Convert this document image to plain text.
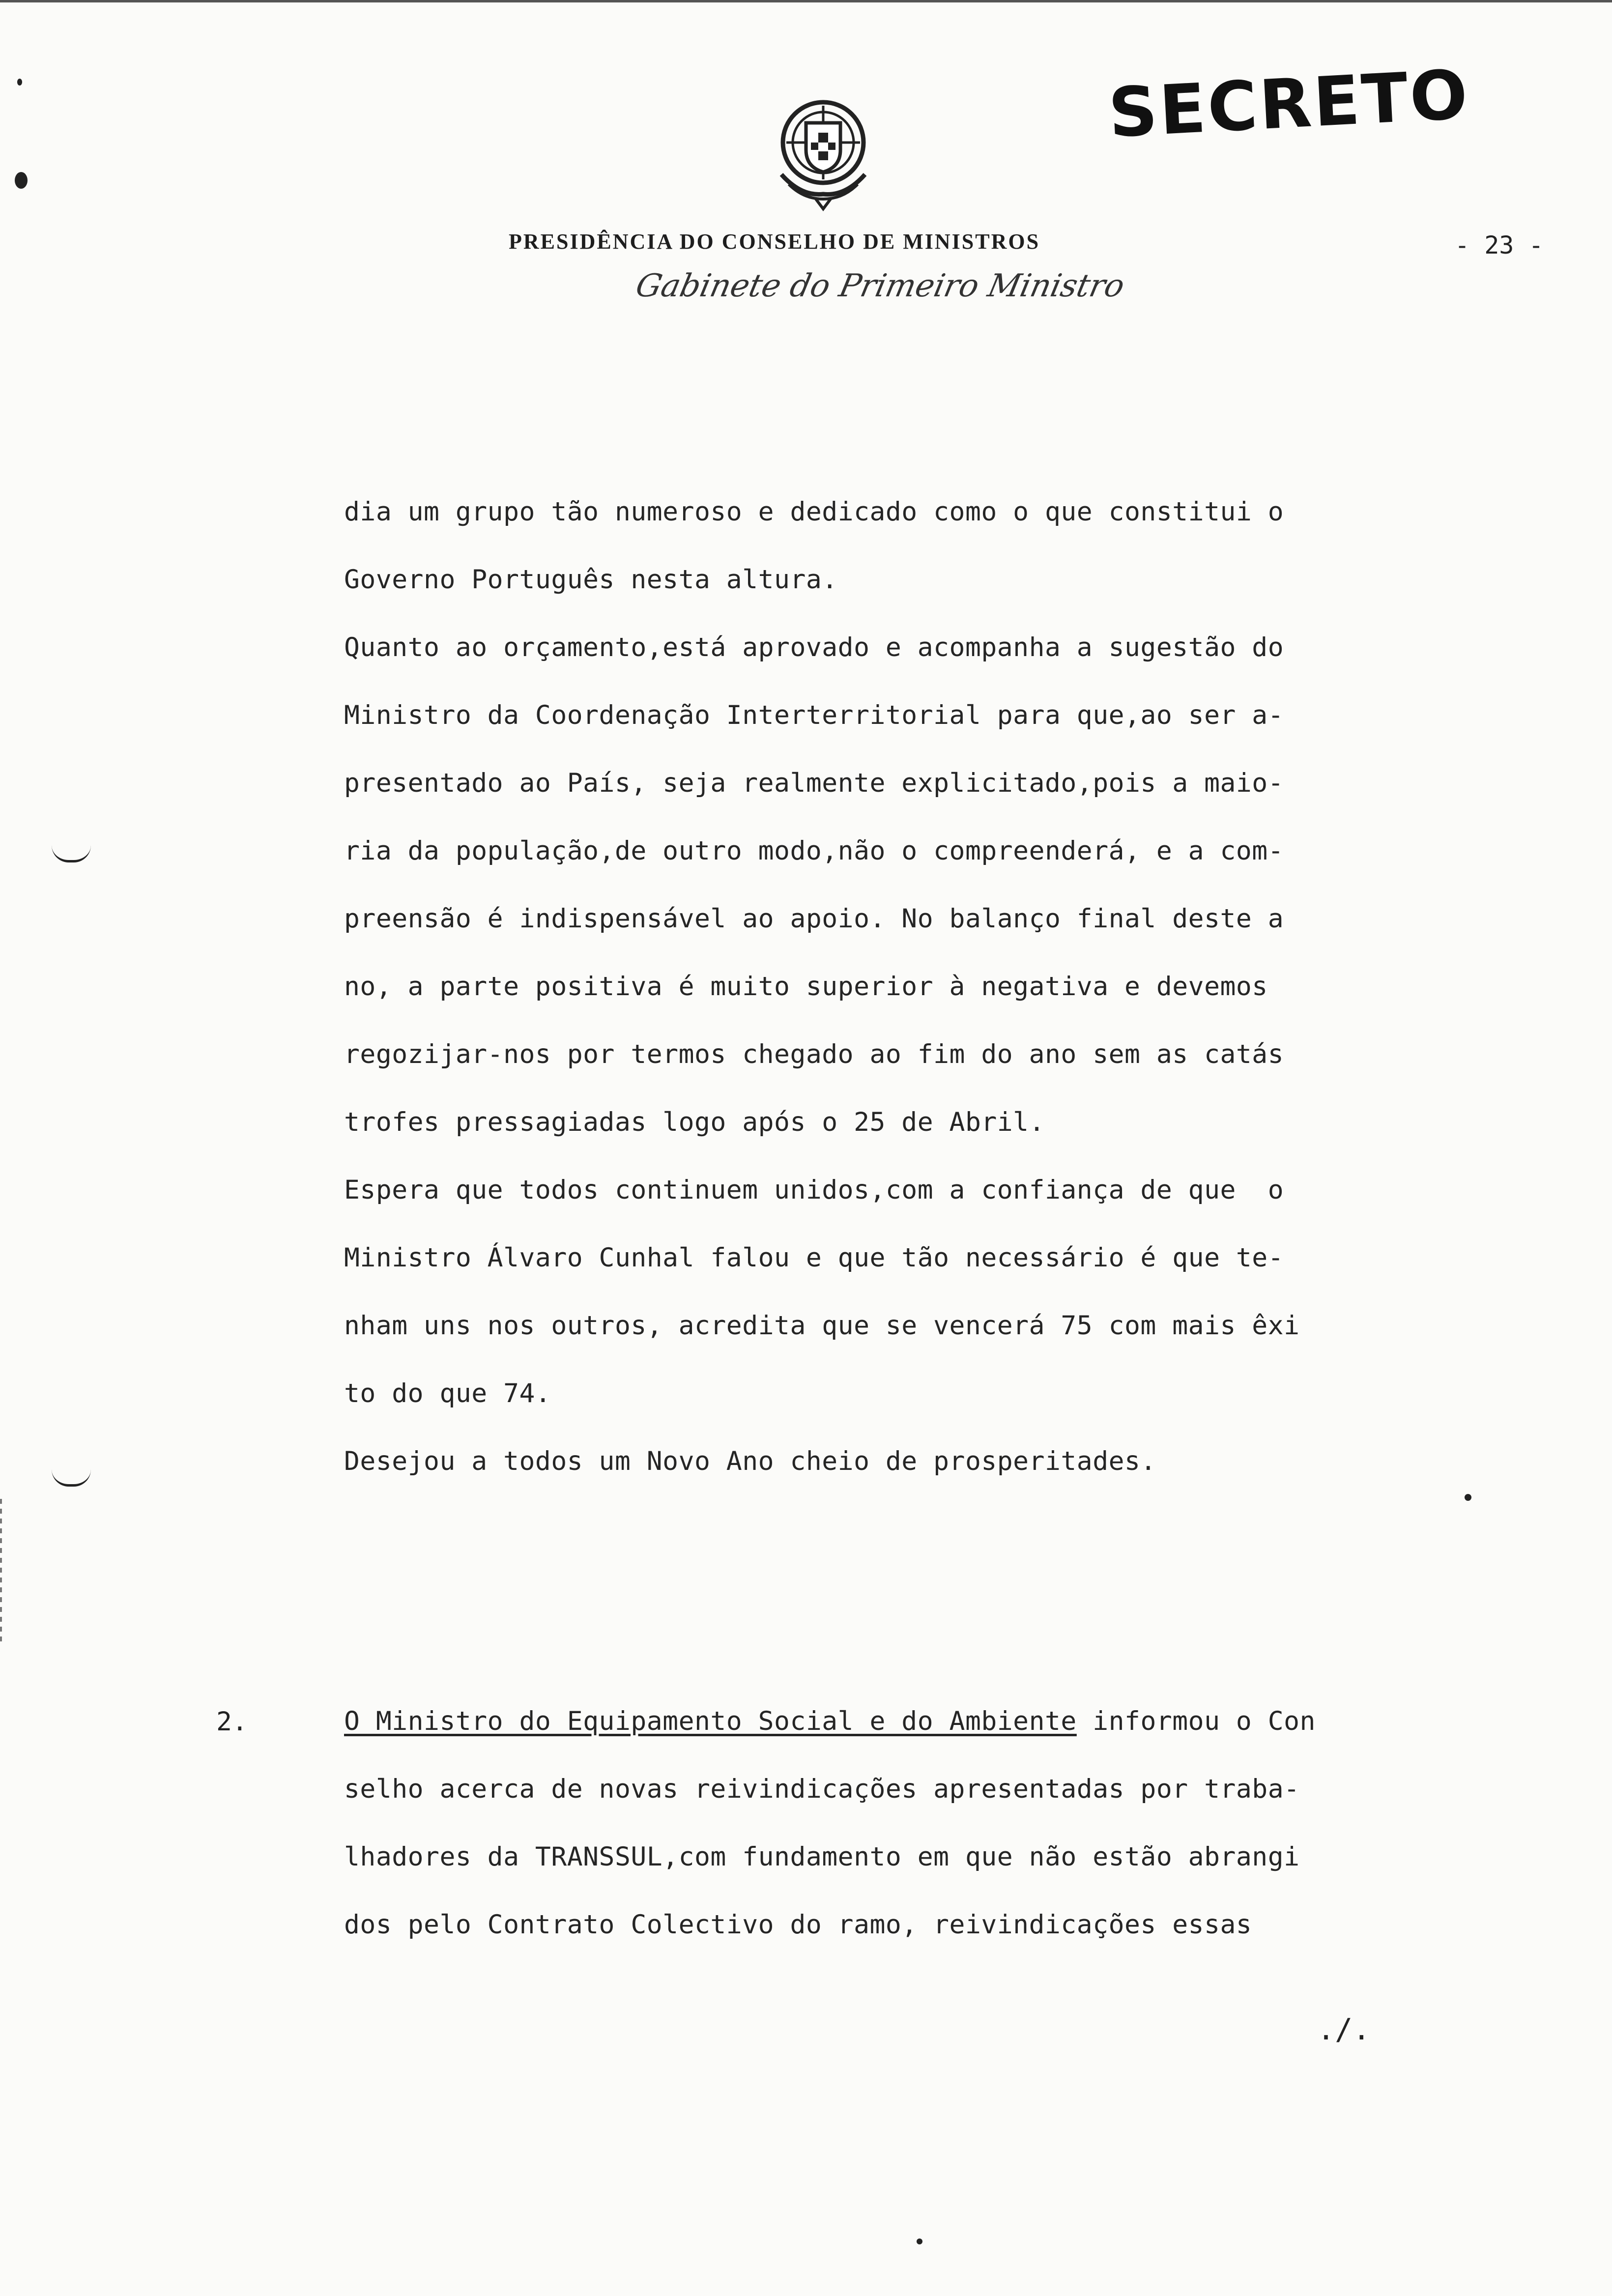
SECRETO
PRESIDÊNCIA DO CONSELHO DE MINISTROS
Gabinete do Primeiro Ministro
- 23 -
dia um grupo tão numeroso e dedicado como o que constitui o
Governo Português nesta altura.
Quanto ao orçamento,está aprovado e acompanha a sugestão do
Ministro da Coordenação Interterritorial para que,ao ser a-
presentado ao País, seja realmente explicitado,pois a maio-
ria da população,de outro modo,não o compreenderá, e a com-
preensão é indispensável ao apoio. No balanço final deste a
no, a parte positiva é muito superior à negativa e devemos
regozijar-nos por termos chegado ao fim do ano sem as catás
trofes pressagiadas logo após o 25 de Abril.
Espera que todos continuem unidos,com a confiança de que  o
Ministro Álvaro Cunhal falou e que tão necessário é que te-
nham uns nos outros, acredita que se vencerá 75 com mais êxi
to do que 74.
Desejou a todos um Novo Ano cheio de prosperitades.
2.	O Ministro do Equipamento Social e do Ambiente informou o Con
selho acerca de novas reivindicações apresentadas por traba-
lhadores da TRANSSUL,com fundamento em que não estão abrangi
dos pelo Contrato Colectivo do ramo, reivindicações essas
./.
